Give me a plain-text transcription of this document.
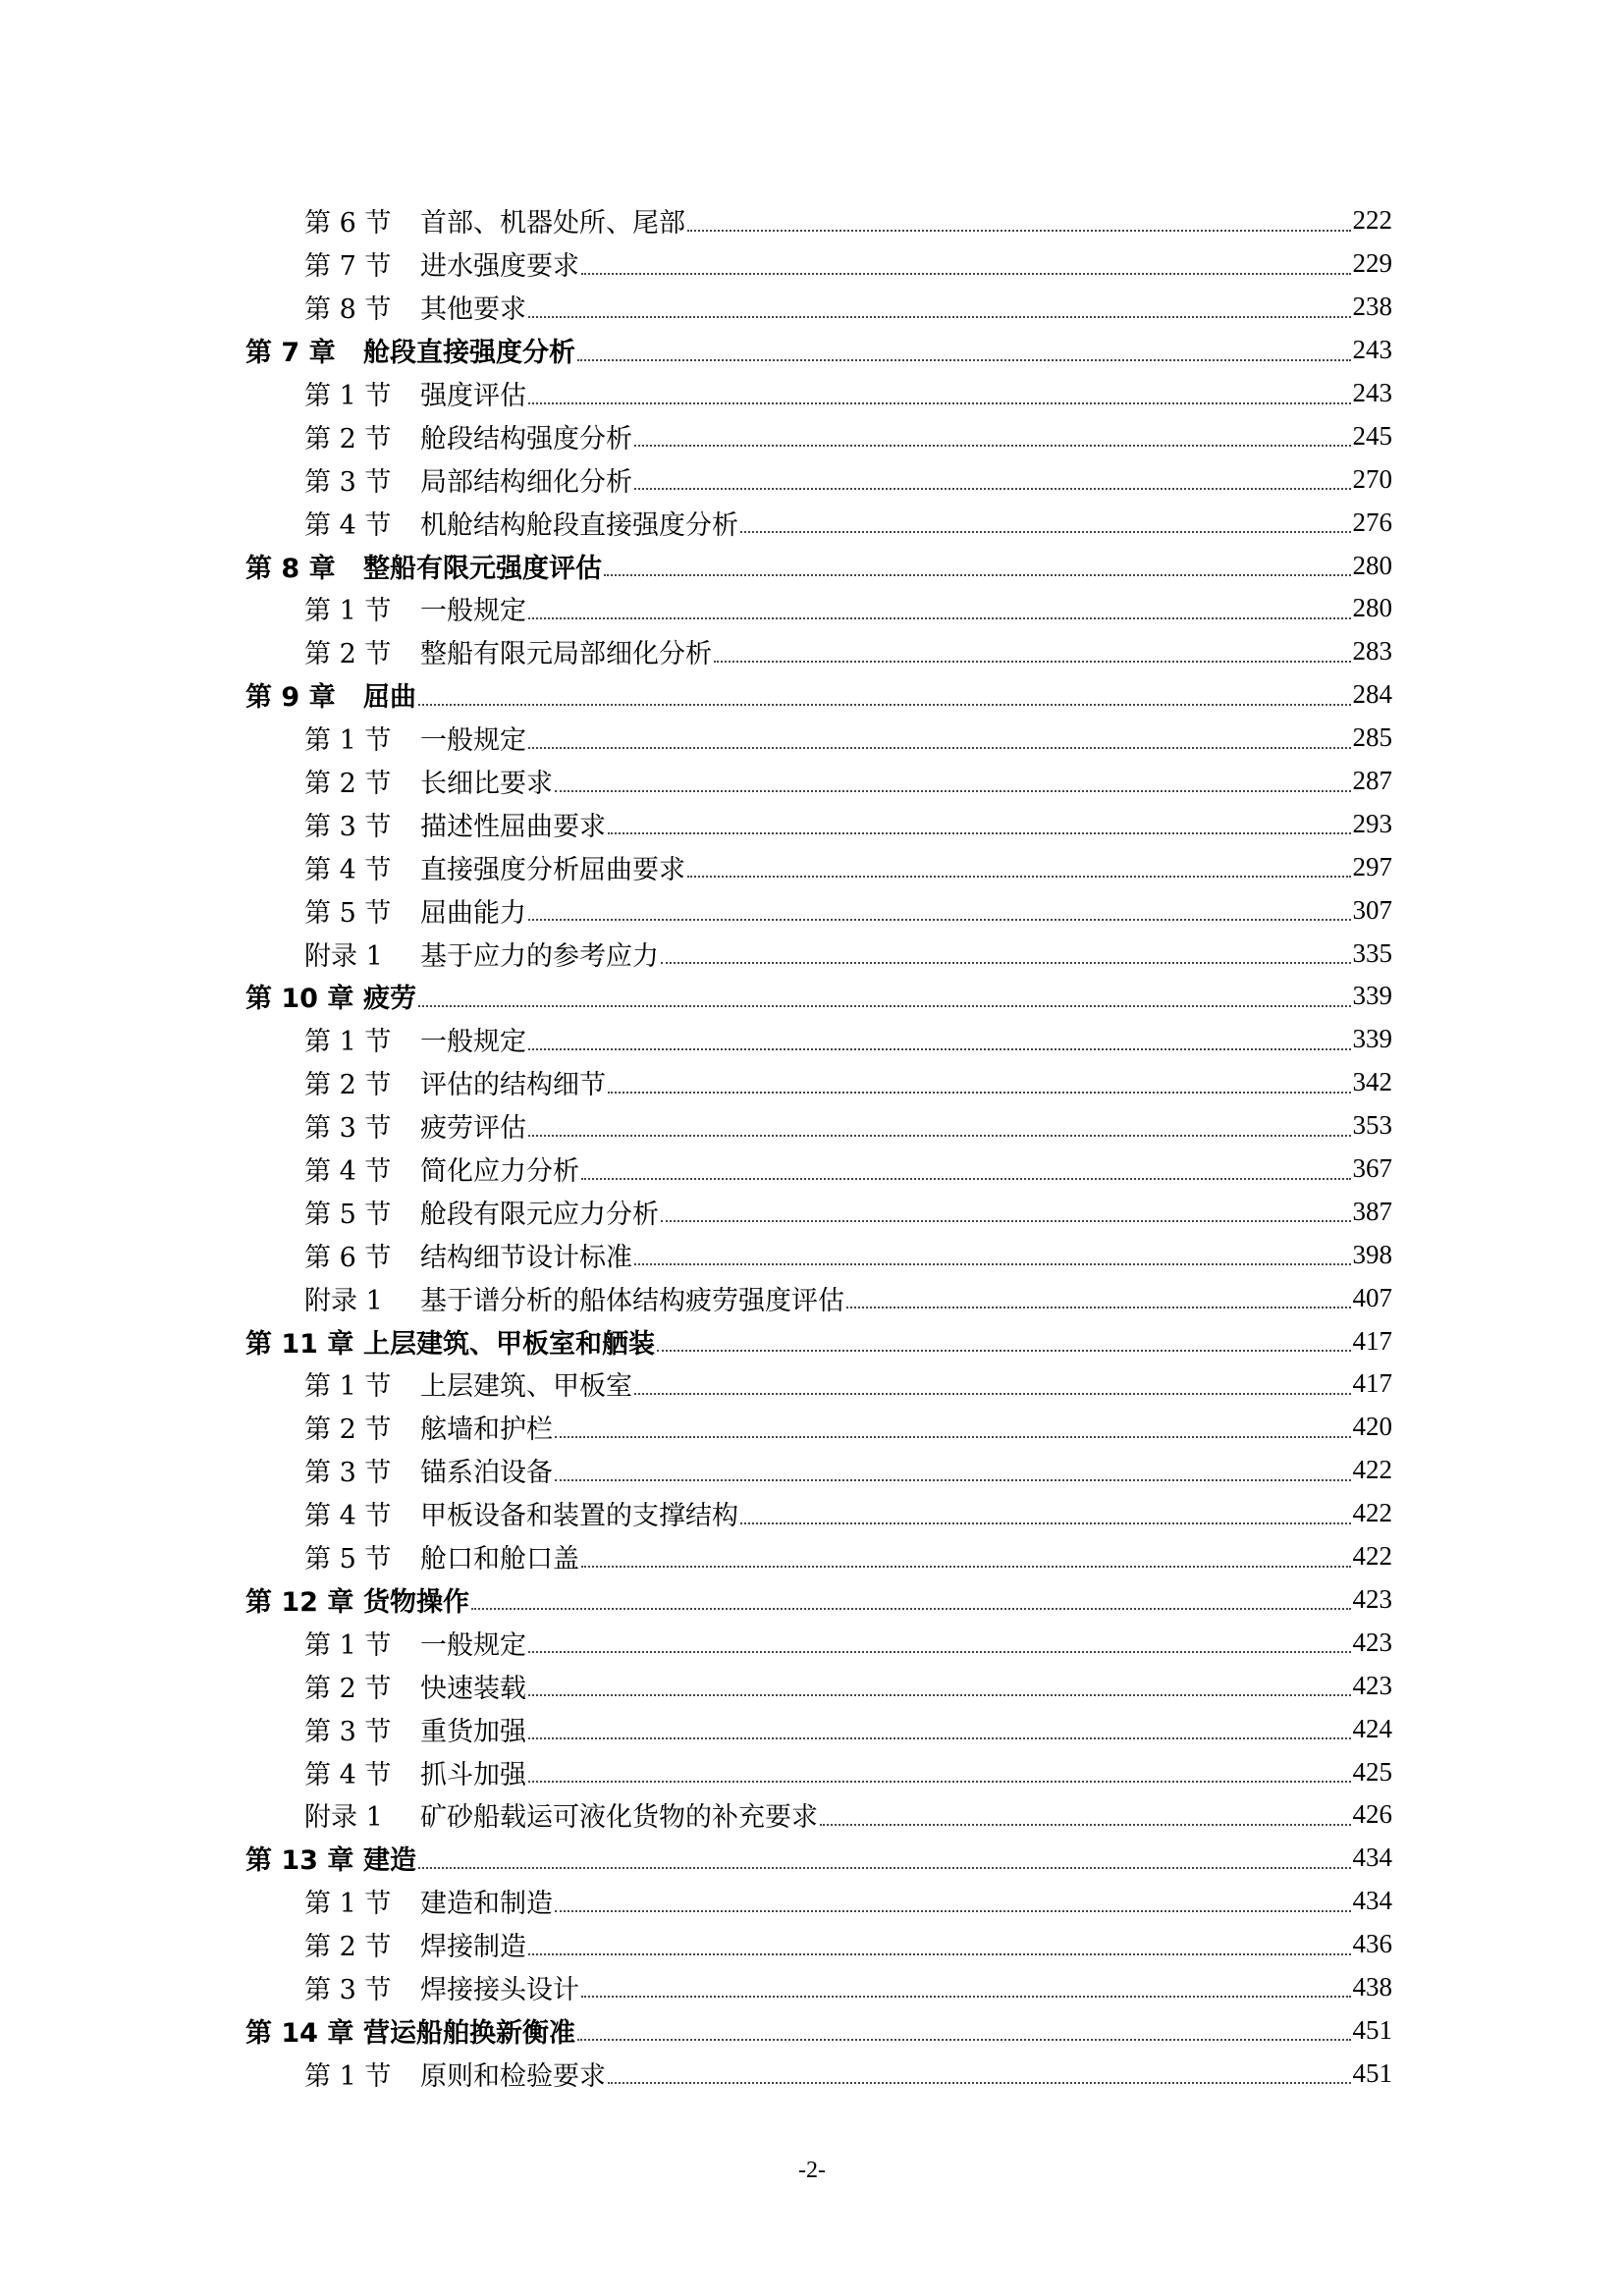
第 6 节	首部、机器处所、尾部	222
第 7 节	进水强度要求	229
第 8 节	其他要求	238
第 7 章	舱段直接强度分析	243
第 1 节	强度评估	243
第 2 节	舱段结构强度分析	245
第 3 节	局部结构细化分析	270
第 4 节	机舱结构舱段直接强度分析	276
第 8 章	整船有限元强度评估	280
第 1 节	一般规定	280
第 2 节	整船有限元局部细化分析	283
第 9 章	屈曲	284
第 1 节	一般规定	285
第 2 节	长细比要求	287
第 3 节	描述性屈曲要求	293
第 4 节	直接强度分析屈曲要求	297
第 5 节	屈曲能力	307
附录 1	基于应力的参考应力	335
第 10 章 疲劳	339
第 1 节	一般规定	339
第 2 节	评估的结构细节	342
第 3 节	疲劳评估	353
第 4 节	简化应力分析	367
第 5 节	舱段有限元应力分析	387
第 6 节	结构细节设计标准	398
附录 1	基于谱分析的船体结构疲劳强度评估	407
第 11 章 上层建筑、甲板室和舾装	417
第 1 节	上层建筑、甲板室	417
第 2 节	舷墙和护栏	420
第 3 节	锚系泊设备	422
第 4 节	甲板设备和装置的支撑结构	422
第 5 节	舱口和舱口盖	422
第 12 章 货物操作	423
第 1 节	一般规定	423
第 2 节	快速装载	423
第 3 节	重货加强	424
第 4 节	抓斗加强	425
附录 1	矿砂船载运可液化货物的补充要求	426
第 13 章 建造	434
第 1 节	建造和制造	434
第 2 节	焊接制造	436
第 3 节	焊接接头设计	438
第 14 章 营运船舶换新衡准	451
第 1 节	原则和检验要求	451
-2-
